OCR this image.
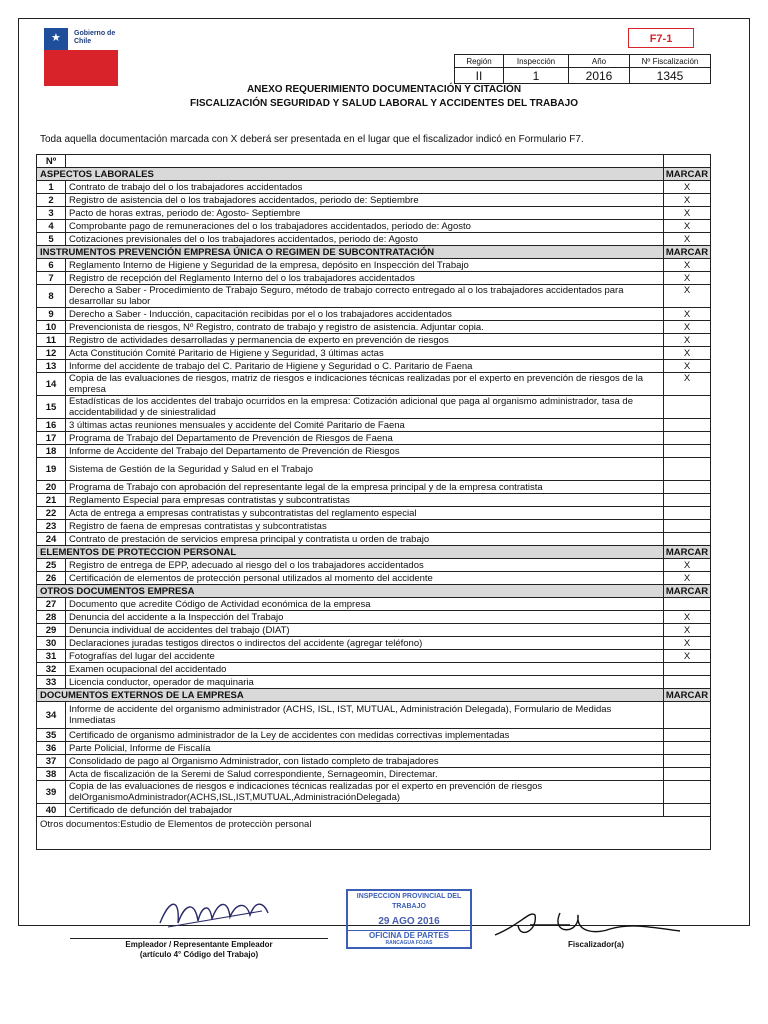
★ Gobierno de Chile	F7-1
Región	Inspección	Año	Nº Fiscalización
II	1	2016	1345
ANEXO REQUERIMIENTO DOCUMENTACIÓN Y CITACIÓN
FISCALIZACIÓN SEGURIDAD Y SALUD LABORAL Y ACCIDENTES DEL TRABAJO
Toda aquella documentación marcada con X deberá ser presentada en el lugar que el fiscalizador indicó en Formulario F7.
Nº		
ASPECTOS LABORALES		MARCAR
1	Contrato de trabajo del o los trabajadores accidentados	X
2	Registro de asistencia del o los trabajadores accidentados, periodo de: Septiembre	X
3	Pacto de horas extras, periodo de: Agosto- Septiembre	X
4	Comprobante pago de remuneraciones del o los trabajadores accidentados, periodo de: Agosto	X
5	Cotizaciones previsionales del o los trabajadores accidentados, periodo de: Agosto	X
INSTRUMENTOS PREVENCIÓN EMPRESA ÚNICA O REGIMEN DE SUBCONTRATACIÓN		MARCAR
6	Reglamento Interno de Higiene y Seguridad de la empresa, depósito en Inspección del Trabajo	X
7	Registro de recepción del Reglamento Interno del o los trabajadores accidentados	X
8	Derecho a Saber - Procedimiento de Trabajo Seguro, método de trabajo correcto entregado al o los trabajadores accidentados para desarrollar su labor	X
9	Derecho a Saber - Inducción, capacitación recibidas por el o los trabajadores accidentados	X
10	Prevencionista de riesgos, Nº Registro, contrato de trabajo y registro de asistencia. Adjuntar copia.	X
11	Registro de actividades desarrolladas y permanencia de experto en prevención de riesgos	X
12	Acta Constitución Comité Paritario de Higiene y Seguridad, 3 últimas actas	X
13	Informe del accidente de trabajo del C. Paritario de Higiene y Seguridad o C. Paritario de Faena	X
14	Copia de las evaluaciones de riesgos, matriz de riesgos e indicaciones técnicas realizadas por el experto en prevención de riesgos de la empresa	X
15	Estadísticas de los accidentes del trabajo ocurridos en la empresa: Cotización adicional que paga al organismo administrador, tasa de accidentabilidad y de siniestralidad	
16	3 últimas actas reuniones mensuales y accidente del Comité Paritario de Faena	
17	Programa de Trabajo del Departamento de Prevención de Riesgos de Faena	
18	Informe de Accidente del Trabajo del Departamento de Prevención de Riesgos	
19	Sistema de Gestión de la Seguridad y Salud en el Trabajo	
20	Programa de Trabajo con aprobación del representante legal de la empresa principal y de la empresa contratista	
21	Reglamento Especial para empresas contratistas y subcontratistas	
22	Acta de entrega a empresas contratistas y subcontratistas del reglamento especial	
23	Registro de faena de empresas contratistas y subcontratistas	
24	Contrato de prestación de servicios empresa principal y contratista u orden de trabajo	
ELEMENTOS DE PROTECCION PERSONAL		MARCAR
25	Registro de entrega de EPP, adecuado al riesgo del o los trabajadores accidentados	X
26	Certificación de elementos de protección personal utilizados al momento del accidente	X
OTROS DOCUMENTOS EMPRESA		MARCAR
27	Documento que acredite Código de Actividad económica de la empresa	
28	Denuncia del accidente a la Inspección del Trabajo	X
29	Denuncia individual de accidentes del trabajo (DIAT)	X
30	Declaraciones juradas testigos directos o indirectos del accidente (agregar teléfono)	X
31	Fotografías del lugar del accidente	X
32	Examen ocupacional del accidentado	
33	Licencia conductor, operador de maquinaria	
DOCUMENTOS EXTERNOS DE LA EMPRESA		MARCAR
34	Informe de accidente del organismo administrador (ACHS, ISL, IST, MUTUAL, Administración Delegada), Formulario de Medidas Inmediatas	
35	Certificado de organismo administrador de la Ley de accidentes con medidas correctivas implementadas	
36	Parte Policial, Informe de Fiscalía	
37	Consolidado de pago al Organismo Administrador, con listado completo de trabajadores	
38	Acta de fiscalización de la Seremi de Salud correspondiente, Sernageomin, Directemar.	
39	Copia de las evaluaciones de riesgos e indicaciones técnicas realizadas por el experto en prevención de riesgos delOrganismoAdministrador(ACHS,ISL,IST,MUTUAL,AdministraciónDelegada)	
40	Certificado de defunción del trabajador	
Otros documentos:Estudio de Elementos de protecciòn personal		
Empleador / Representante Empleador
(artículo 4° Código del Trabajo)
INSPECCION PROVINCIAL DEL
TRABAJO
29 AGO 2016
OFICINA DE PARTES
RANCAGUA FOJAS	Fiscalizador(a)
